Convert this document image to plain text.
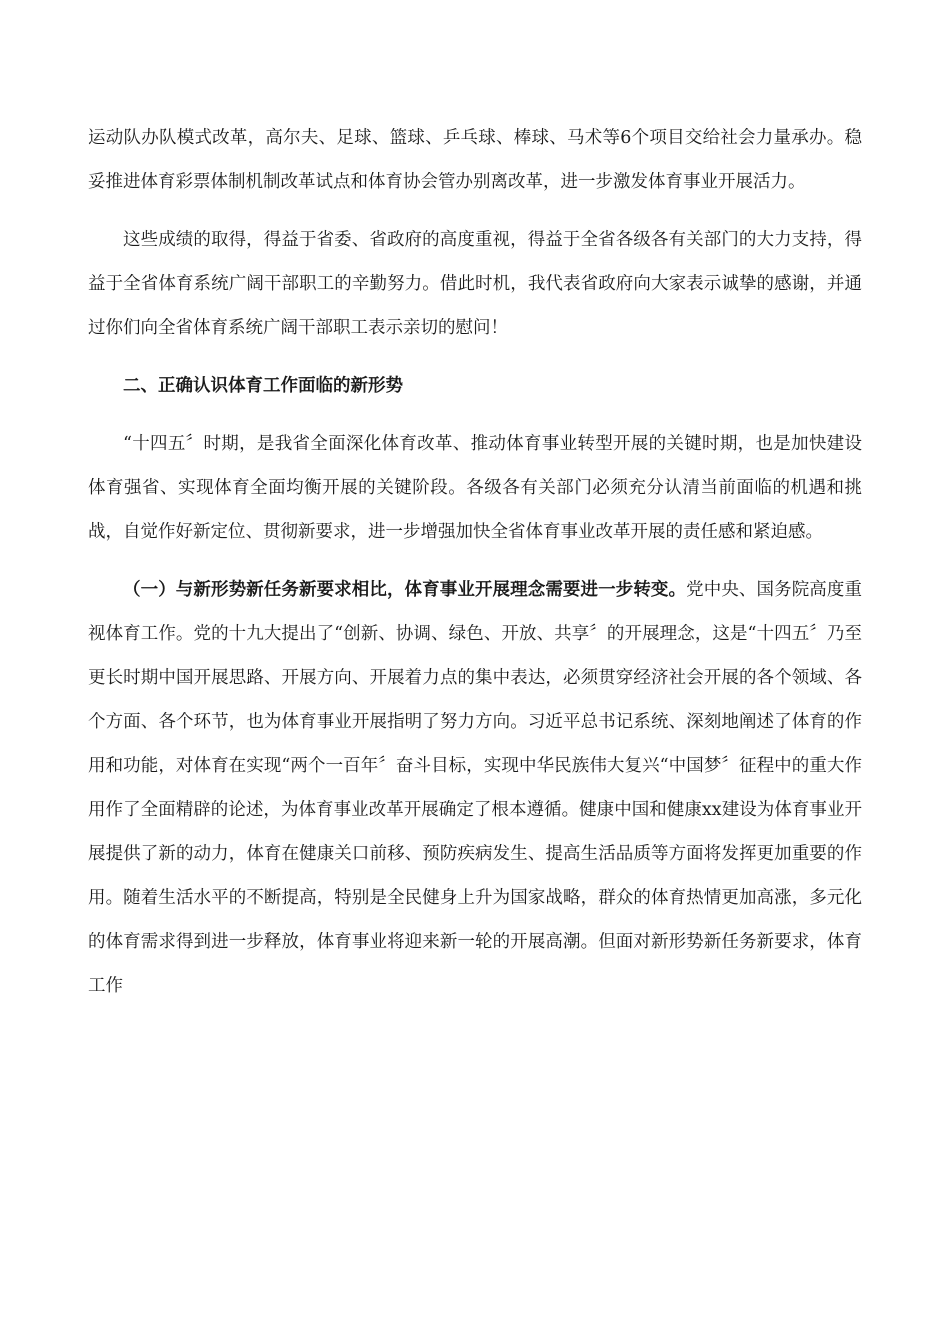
运动队办队模式改革，高尔夫、足球、篮球、乒乓球、棒球、马术等6个项目交给社会力量承办。稳妥推进体育彩票体制机制改革试点和体育协会管办别离改革，进一步激发体育事业开展活力。

这些成绩的取得，得益于省委、省政府的高度重视，得益于全省各级各有关部门的大力支持，得益于全省体育系统广阔干部职工的辛勤努力。借此时机，我代表省政府向大家表示诚挚的感谢，并通过你们向全省体育系统广阔干部职工表示亲切的慰问！

二、正确认识体育工作面临的新形势

“十四五〞时期，是我省全面深化体育改革、推动体育事业转型开展的关键时期，也是加快建设体育强省、实现体育全面均衡开展的关键阶段。各级各有关部门必须充分认清当前面临的机遇和挑战，自觉作好新定位、贯彻新要求，进一步增强加快全省体育事业改革开展的责任感和紧迫感。

（一）与新形势新任务新要求相比，体育事业开展理念需要进一步转变。党中央、国务院高度重视体育工作。党的十九大提出了“创新、协调、绿色、开放、共享〞的开展理念，这是“十四五〞乃至更长时期中国开展思路、开展方向、开展着力点的集中表达，必须贯穿经济社会开展的各个领域、各个方面、各个环节，也为体育事业开展指明了努力方向。习近平总书记系统、深刻地阐述了体育的作用和功能，对体育在实现“两个一百年〞奋斗目标，实现中华民族伟大复兴“中国梦〞征程中的重大作用作了全面精辟的论述，为体育事业改革开展确定了根本遵循。健康中国和健康xx建设为体育事业开展提供了新的动力，体育在健康关口前移、预防疾病发生、提高生活品质等方面将发挥更加重要的作用。随着生活水平的不断提高，特别是全民健身上升为国家战略，群众的体育热情更加高涨，多元化的体育需求得到进一步释放，体育事业将迎来新一轮的开展高潮。但面对新形势新任务新要求，体育工作
